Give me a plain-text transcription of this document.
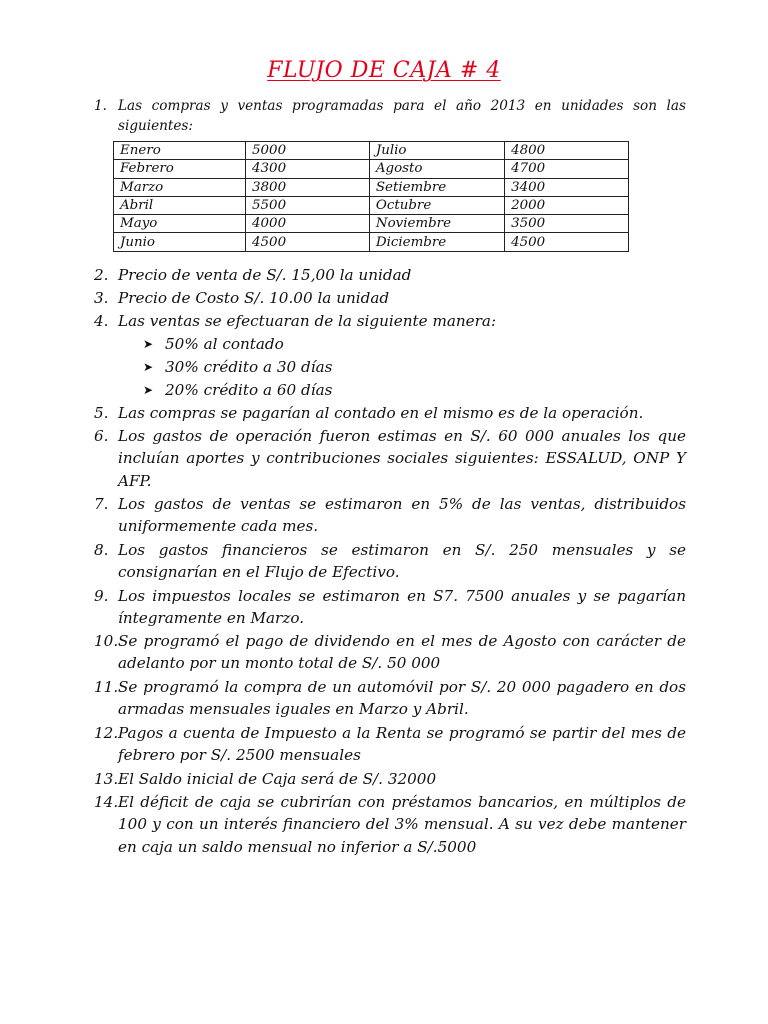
FLUJO DE CAJA # 4
1. Las compras y ventas programadas para el año 2013 en unidades son las siguientes:
Enero	5000	Julio	4800
Febrero	4300	Agosto	4700
Marzo	3800	Setiembre	3400
Abril	5500	Octubre	2000
Mayo	4000	Noviembre	3500
Junio	4500	Diciembre	4500
2. Precio de venta de S/. 15,00 la unidad
3. Precio de Costo S/. 10.00 la unidad
4. Las ventas se efectuaran de la siguiente manera:
➤ 50% al contado
➤ 30% crédito a 30 días
➤ 20% crédito a 60 días
5. Las compras se pagarían al contado en el mismo es de la operación.
6. Los gastos de operación fueron estimas en S/. 60 000 anuales los que incluían aportes y contribuciones sociales siguientes: ESSALUD, ONP Y AFP.
7. Los gastos de ventas se estimaron en 5% de las ventas, distribuidos uniformemente cada mes.
8. Los gastos financieros se estimaron en S/. 250 mensuales y se consignarían en el Flujo de Efectivo.
9. Los impuestos locales se estimaron en S7. 7500 anuales y se pagarían íntegramente en Marzo.
10. Se programó el pago de dividendo en el mes de Agosto con carácter de adelanto por un monto total de S/. 50 000
11. Se programó la compra de un automóvil por S/. 20 000 pagadero en dos armadas mensuales iguales en Marzo y Abril.
12. Pagos a cuenta de Impuesto a la Renta se programó se partir del mes de febrero por S/. 2500 mensuales
13. El Saldo inicial de Caja será de S/. 32000
14. El déficit de caja se cubrirían con préstamos bancarios, en múltiplos de 100 y con un interés financiero del 3% mensual. A su vez debe mantener en caja un saldo mensual no inferior a S/.5000
